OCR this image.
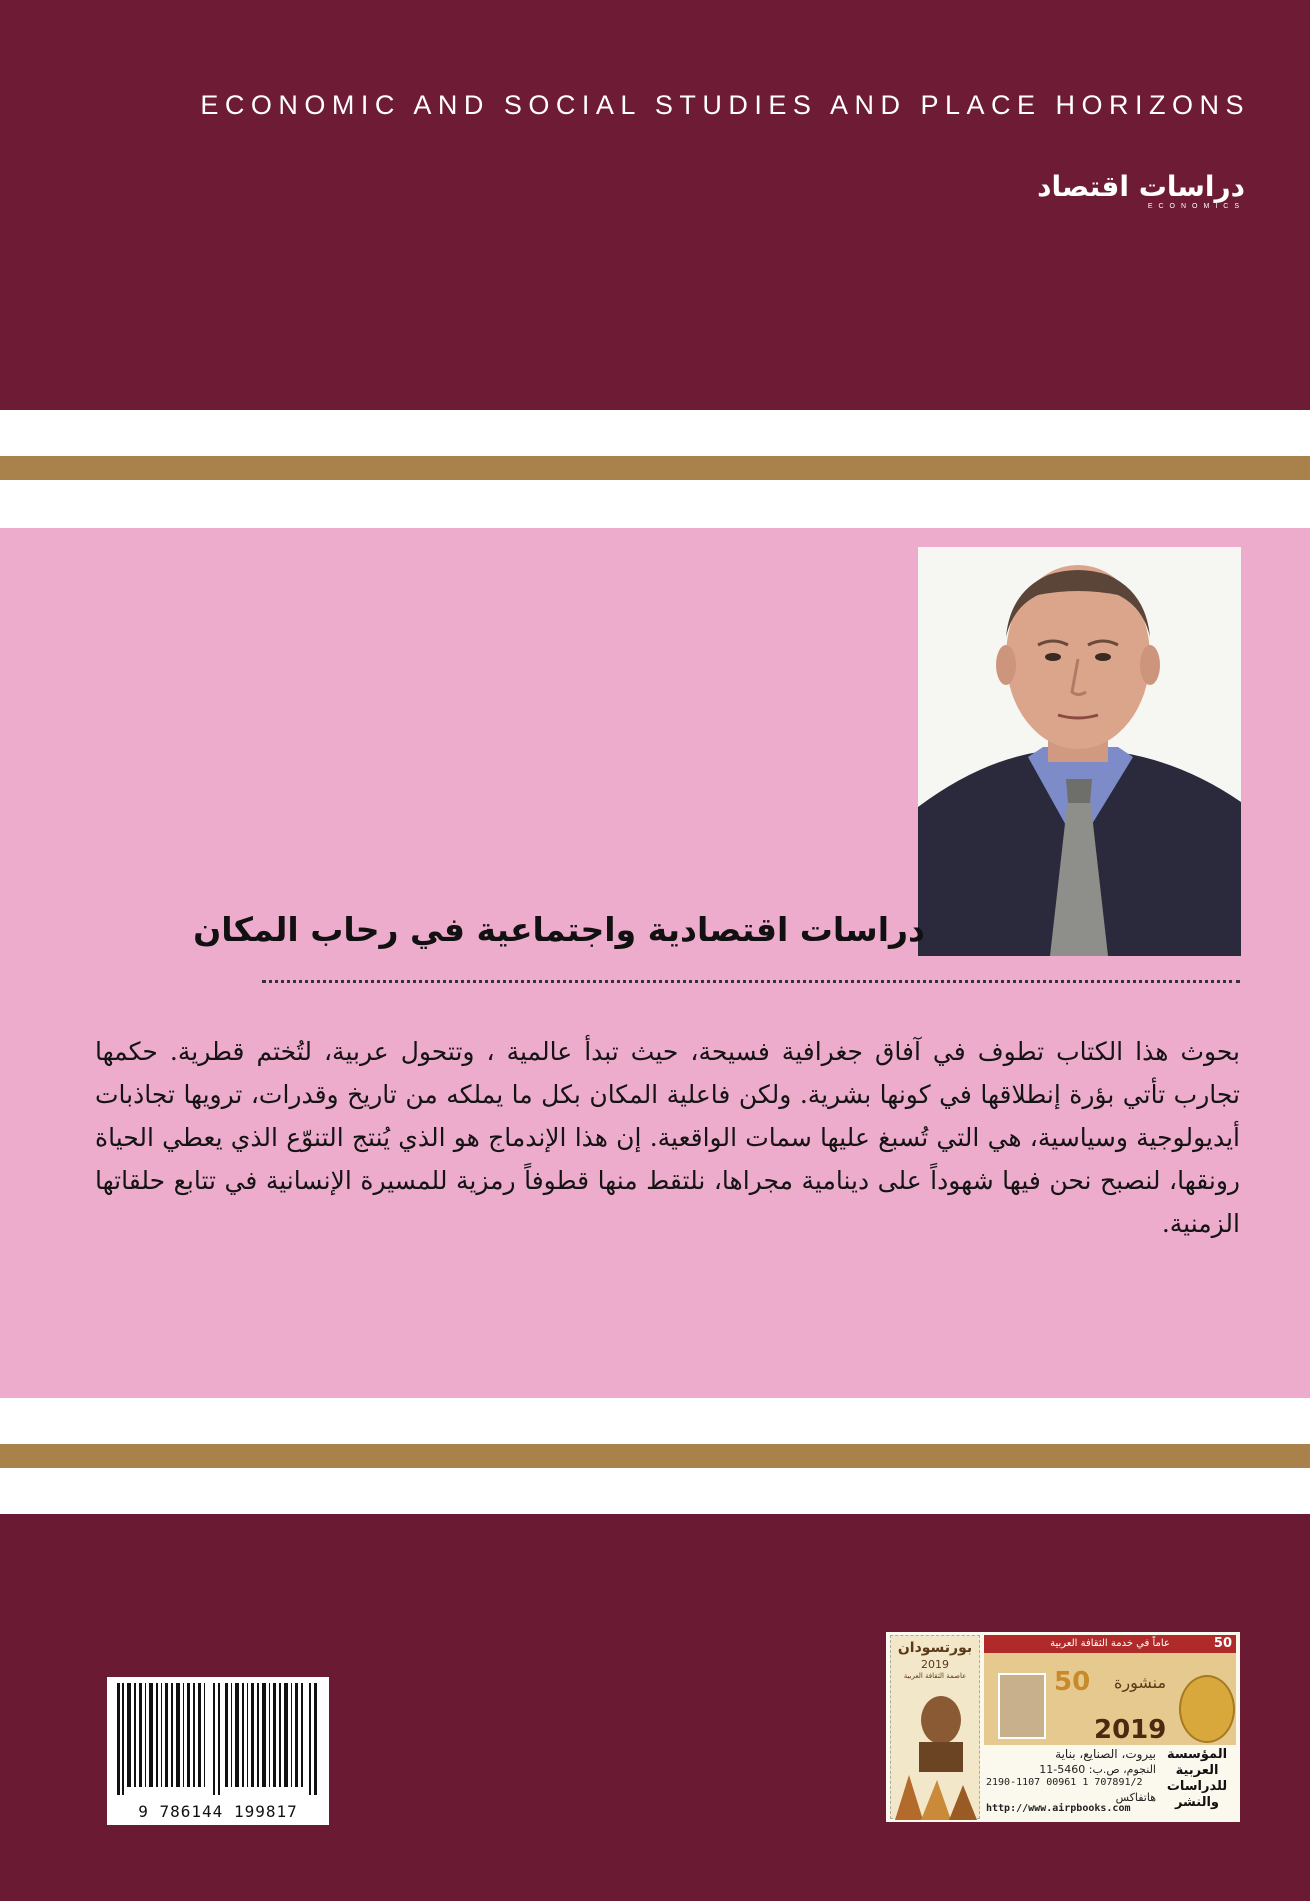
ECONOMIC AND SOCIAL STUDIES AND PLACE HORIZONS
دراسات اقتصاد
ECONOMICS
دراسات اقتصادية واجتماعية في رحاب المكان
بحوث هذا الكتاب تطوف في آفاق جغرافية فسيحة، حيث تبدأ عالمية ، وتتحول عربية، لتُختم قطرية. حكمها تجارب تأتي بؤرة إنطلاقها في كونها بشرية. ولكن فاعلية المكان بكل ما يملكه من تاريخ وقدرات، ترويها تجاذبات أيديولوجية وسياسية، هي التي تُسبغ عليها سمات الواقعية. إن هذا الإندماج هو الذي يُنتج التنوّع الذي يعطي الحياة رونقها، لنصبح نحن فيها شهوداً على دينامية مجراها، نلتقط منها قطوفاً رمزية للمسيرة الإنسانية في تتابع حلقاتها الزمنية.
9 786144 199817
بورتسودان
2019
عاصمة الثقافة العربية
عاماً في خدمة الثقافة العربية	50
50 منشورة
2019
بيروت، الصنايع، بناية
النجوم، ص.ب: 5460-11
2190-1107 00961 1 707891/2
هاتفاكس
http://www.airpbooks.com
المؤسسة العربية للدراسات والنشر
